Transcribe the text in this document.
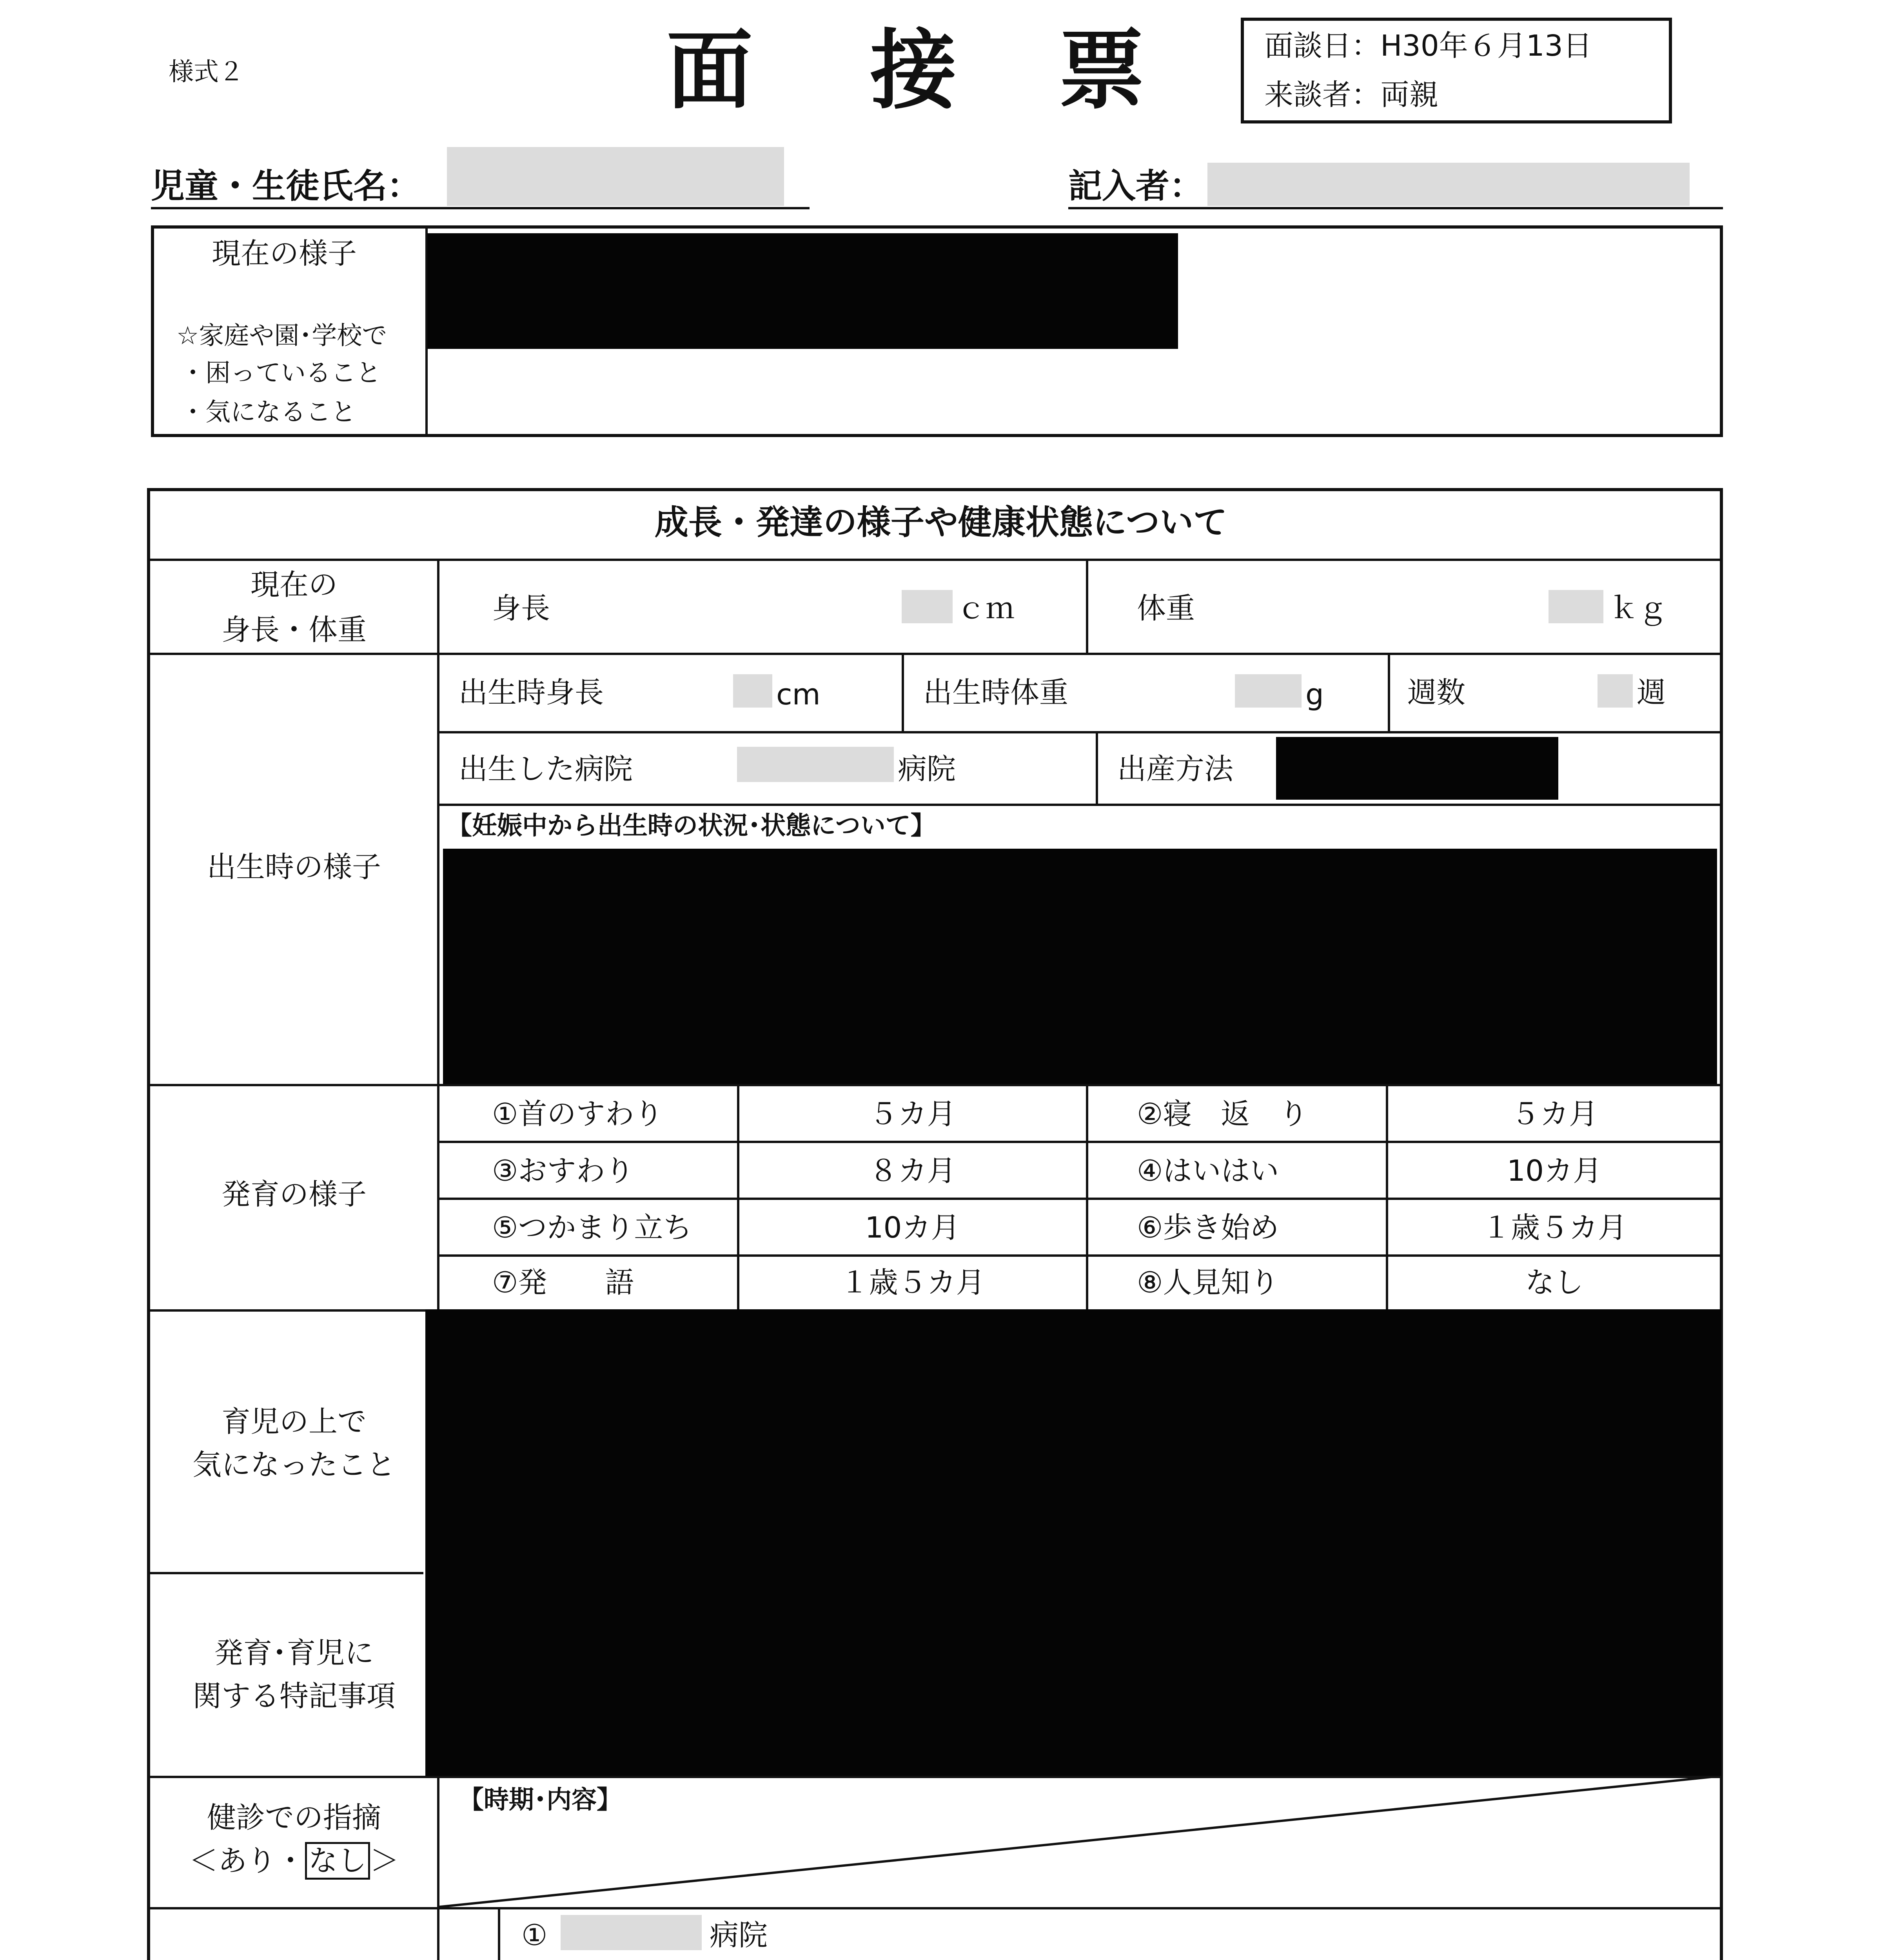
様式２	面 接 票	面談日：H30年６月13日
来談者：両親
児童・生徒氏名：	記入者：
現在の様子
☆家庭や園･学校で
・困っていること
・気になること
成長・発達の様子や健康状態について
現在の
身長・体重
身長	ｃｍ	体重	ｋｇ
出生時の様子
出生時身長	cm	出生時体重	g	週数	週
出生した病院	病院	出産方法
【妊娠中から出生時の状況･状態について】
発育の様子
①首のすわり	５カ月	②寝　返　り	５カ月
③おすわり	８カ月	④はいはい	10カ月
⑤つかまり立ち	10カ月	⑥歩き始め	１歳５カ月
⑦発　　語	１歳５カ月	⑧人見知り	なし
育児の上で
気になったこと
発育･育児に
関する特記事項
健診での指摘
＜あり・ なし ＞
【時期･内容】
①	病院
